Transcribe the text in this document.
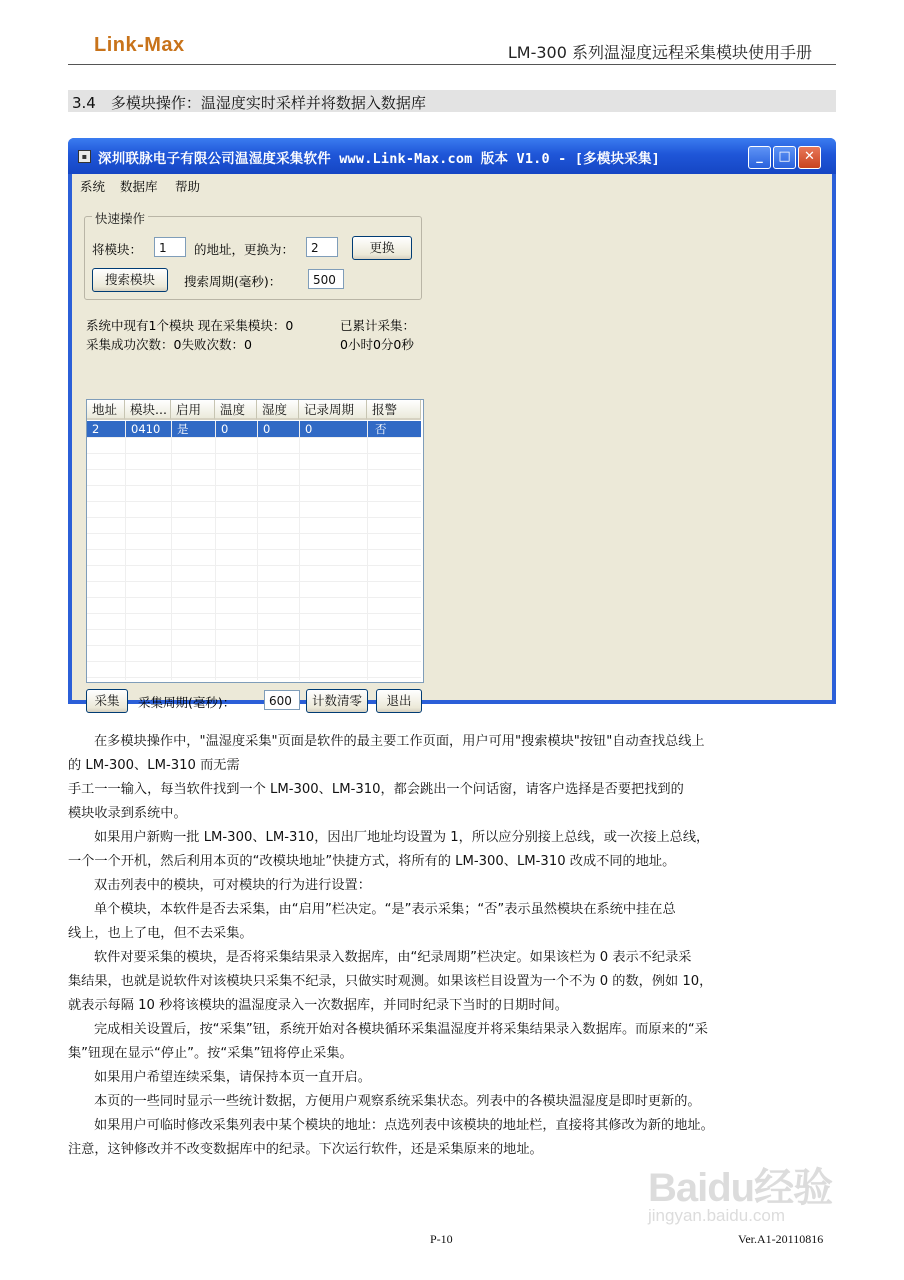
Link-Max	LM-300 系列温湿度远程采集模块使用手册
3.4　多模块操作：温湿度实时采样并将数据入数据库
▪ 深圳联脉电子有限公司温湿度采集软件 www.Link-Max.com 版本 V1.0 - [多模块采集]	_	□	✕
系统 数据库 帮助
快速操作
将模块：	1	的地址，更换为：	2	更换
搜索模块	搜索周期(毫秒)：	500
系统中现有1个模块 现在采集模块：0	已累计采集：
采集成功次数：0失败次数：0	0小时0分0秒
地址	模块... 启用	温度	湿度	记录周期	报警
2	0410 是	0	0	0	否
采集	采集周期(毫秒)：	600	计数清零	退出
在多模块操作中，"温湿度采集"页面是软件的最主要工作页面，用户可用"搜索模块"按钮"自动查找总线上
的 LM-300、LM-310 而无需
手工一一输入，每当软件找到一个 LM-300、LM-310，都会跳出一个问话窗，请客户选择是否要把找到的
模块收录到系统中。
如果用户新购一批 LM-300、LM-310，因出厂地址均设置为 1，所以应分别接上总线，或一次接上总线，
一个一个开机，然后利用本页的“改模块地址”快捷方式，将所有的 LM-300、LM-310 改成不同的地址。
双击列表中的模块，可对模块的行为进行设置：
单个模块，本软件是否去采集，由“启用”栏决定。“是”表示采集；“否”表示虽然模块在系统中挂在总
线上，也上了电，但不去采集。
软件对要采集的模块，是否将采集结果录入数据库，由“纪录周期”栏决定。如果该栏为 0 表示不纪录采
集结果，也就是说软件对该模块只采集不纪录，只做实时观测。如果该栏目设置为一个不为 0 的数，例如 10，
就表示每隔 10 秒将该模块的温湿度录入一次数据库，并同时纪录下当时的日期时间。
完成相关设置后，按“采集”钮，系统开始对各模块循环采集温湿度并将采集结果录入数据库。而原来的“采
集”钮现在显示“停止”。按“采集”钮将停止采集。
如果用户希望连续采集，请保持本页一直开启。
本页的一些同时显示一些统计数据，方便用户观察系统采集状态。列表中的各模块温湿度是即时更新的。
如果用户可临时修改采集列表中某个模块的地址：点选列表中该模块的地址栏，直接将其修改为新的地址。
注意，这钟修改并不改变数据库中的纪录。下次运行软件，还是采集原来的地址。
Baidu经验
jingyan.baidu.com
P-10	Ver.A1-20110816
